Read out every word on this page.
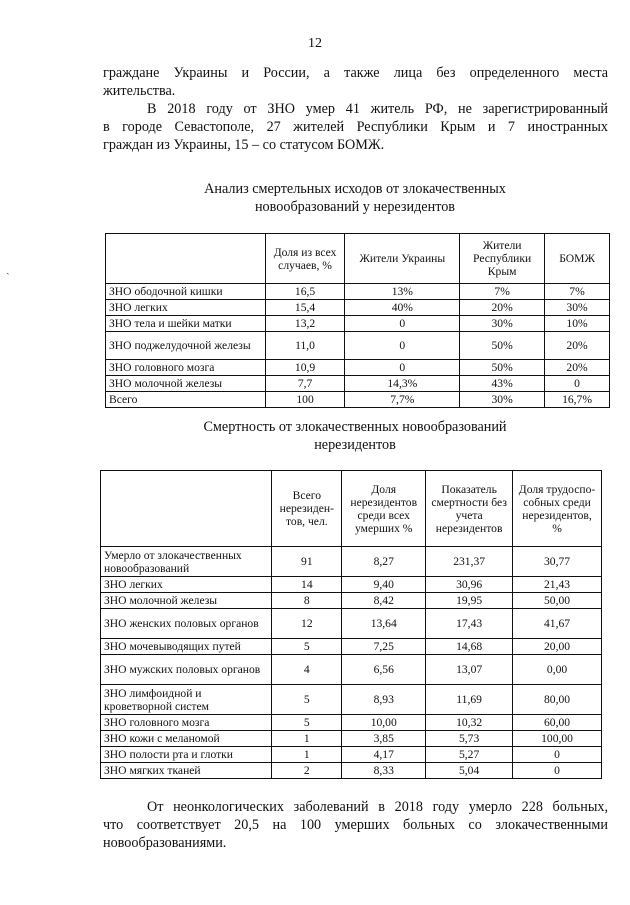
12
граждане Украины и России, а также лица без определенного места
жительства.
В 2018 году от ЗНО умер 41 житель РФ, не зарегистрированный
в городе Севастополе, 27 жителей Республики Крым и 7 иностранных
граждан из Украины, 15 – со статусом БОМЖ.
Анализ смертельных исходов от злокачественных
новообразований у нерезидентов
ˏ
	Доля из всех случаев, %	Жители Украины	Жители Республики Крым	БОМЖ
ЗНО ободочной кишки	16,5	13%	7%	7%
ЗНО легких	15,4	40%	20%	30%
ЗНО тела и шейки матки	13,2	0	30%	10%
ЗНО поджелудочной железы	11,0	0	50%	20%
ЗНО головного мозга	10,9	0	50%	20%
ЗНО молочной железы	7,7	14,3%	43%	0
Всего	100	7,7%	30%	16,7%
Смертность от злокачественных новообразований
нерезидентов
	Всего нерезиден-тов, чел.	Доля нерезидентов среди всех умерших %	Показатель смертности без учета нерезидентов	Доля трудоспо-собных среди нерезидентов, %
Умерло от злокачественных новообразований	91	8,27	231,37	30,77
ЗНО легких	14	9,40	30,96	21,43
ЗНО молочной железы	8	8,42	19,95	50,00
ЗНО женских половых органов	12	13,64	17,43	41,67
ЗНО мочевыводящих путей	5	7,25	14,68	20,00
ЗНО мужских половых органов	4	6,56	13,07	0,00
ЗНО лимфоидной и кроветворной систем	5	8,93	11,69	80,00
ЗНО головного мозга	5	10,00	10,32	60,00
ЗНО кожи с меланомой	1	3,85	5,73	100,00
ЗНО полости рта и глотки	1	4,17	5,27	0
ЗНО мягких тканей	2	8,33	5,04	0
От неонкологических заболеваний в 2018 году умерло 228 больных,
что соответствует 20,5 на 100 умерших больных со злокачественными
новообразованиями.
